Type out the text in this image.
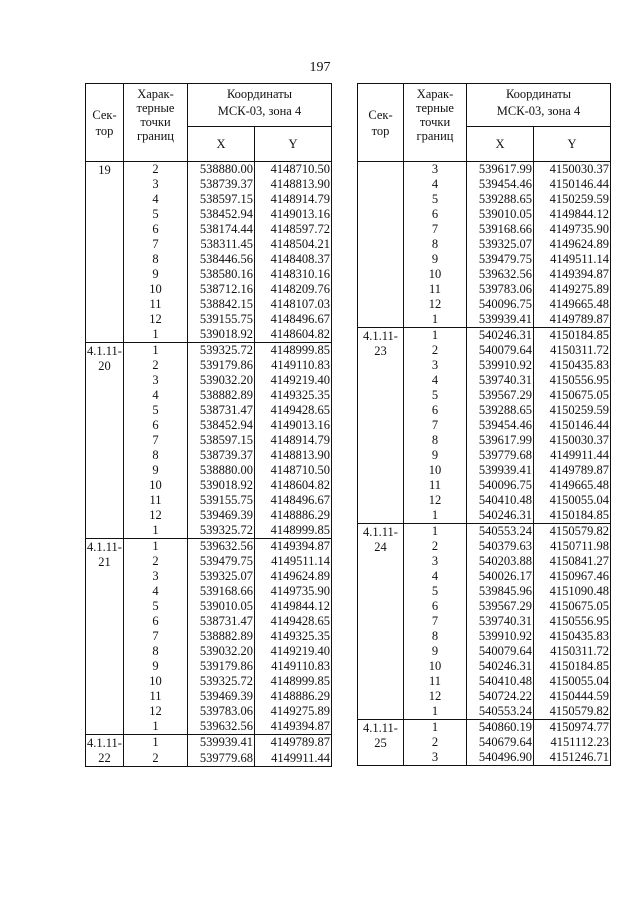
197
Сек-
тор	Харак-
терные
точки
границ	Координаты
МСК-03, зона 4	
		X	Y
19	2	538880.00	4148710.50
	3	538739.37	4148813.90
	4	538597.15	4148914.79
	5	538452.94	4149013.16
	6	538174.44	4148597.72
	7	538311.45	4148504.21
	8	538446.56	4148408.37
	9	538580.16	4148310.16
	10	538712.16	4148209.76
	11	538842.15	4148107.03
	12	539155.75	4148496.67
	1	539018.92	4148604.82
4.1.11-
20	1	539325.72	4148999.85
	2	539179.86	4149110.83
	3	539032.20	4149219.40
	4	538882.89	4149325.35
	5	538731.47	4149428.65
	6	538452.94	4149013.16
	7	538597.15	4148914.79
	8	538739.37	4148813.90
	9	538880.00	4148710.50
	10	539018.92	4148604.82
	11	539155.75	4148496.67
	12	539469.39	4148886.29
	1	539325.72	4148999.85
4.1.11-
21	1	539632.56	4149394.87
	2	539479.75	4149511.14
	3	539325.07	4149624.89
	4	539168.66	4149735.90
	5	539010.05	4149844.12
	6	538731.47	4149428.65
	7	538882.89	4149325.35
	8	539032.20	4149219.40
	9	539179.86	4149110.83
	10	539325.72	4148999.85
	11	539469.39	4148886.29
	12	539783.06	4149275.89
	1	539632.56	4149394.87
4.1.11-
22	1	539939.41	4149789.87
	2	539779.68	4149911.44
Сек-
тор	Харак-
терные
точки
границ	Координаты
МСК-03, зона 4	
		X	Y
	3	539617.99	4150030.37
	4	539454.46	4150146.44
	5	539288.65	4150259.59
	6	539010.05	4149844.12
	7	539168.66	4149735.90
	8	539325.07	4149624.89
	9	539479.75	4149511.14
	10	539632.56	4149394.87
	11	539783.06	4149275.89
	12	540096.75	4149665.48
	1	539939.41	4149789.87
4.1.11-
23	1	540246.31	4150184.85
	2	540079.64	4150311.72
	3	539910.92	4150435.83
	4	539740.31	4150556.95
	5	539567.29	4150675.05
	6	539288.65	4150259.59
	7	539454.46	4150146.44
	8	539617.99	4150030.37
	9	539779.68	4149911.44
	10	539939.41	4149789.87
	11	540096.75	4149665.48
	12	540410.48	4150055.04
	1	540246.31	4150184.85
4.1.11-
24	1	540553.24	4150579.82
	2	540379.63	4150711.98
	3	540203.88	4150841.27
	4	540026.17	4150967.46
	5	539845.96	4151090.48
	6	539567.29	4150675.05
	7	539740.31	4150556.95
	8	539910.92	4150435.83
	9	540079.64	4150311.72
	10	540246.31	4150184.85
	11	540410.48	4150055.04
	12	540724.22	4150444.59
	1	540553.24	4150579.82
4.1.11-
25	1	540860.19	4150974.77
	2	540679.64	4151112.23
	3	540496.90	4151246.71
